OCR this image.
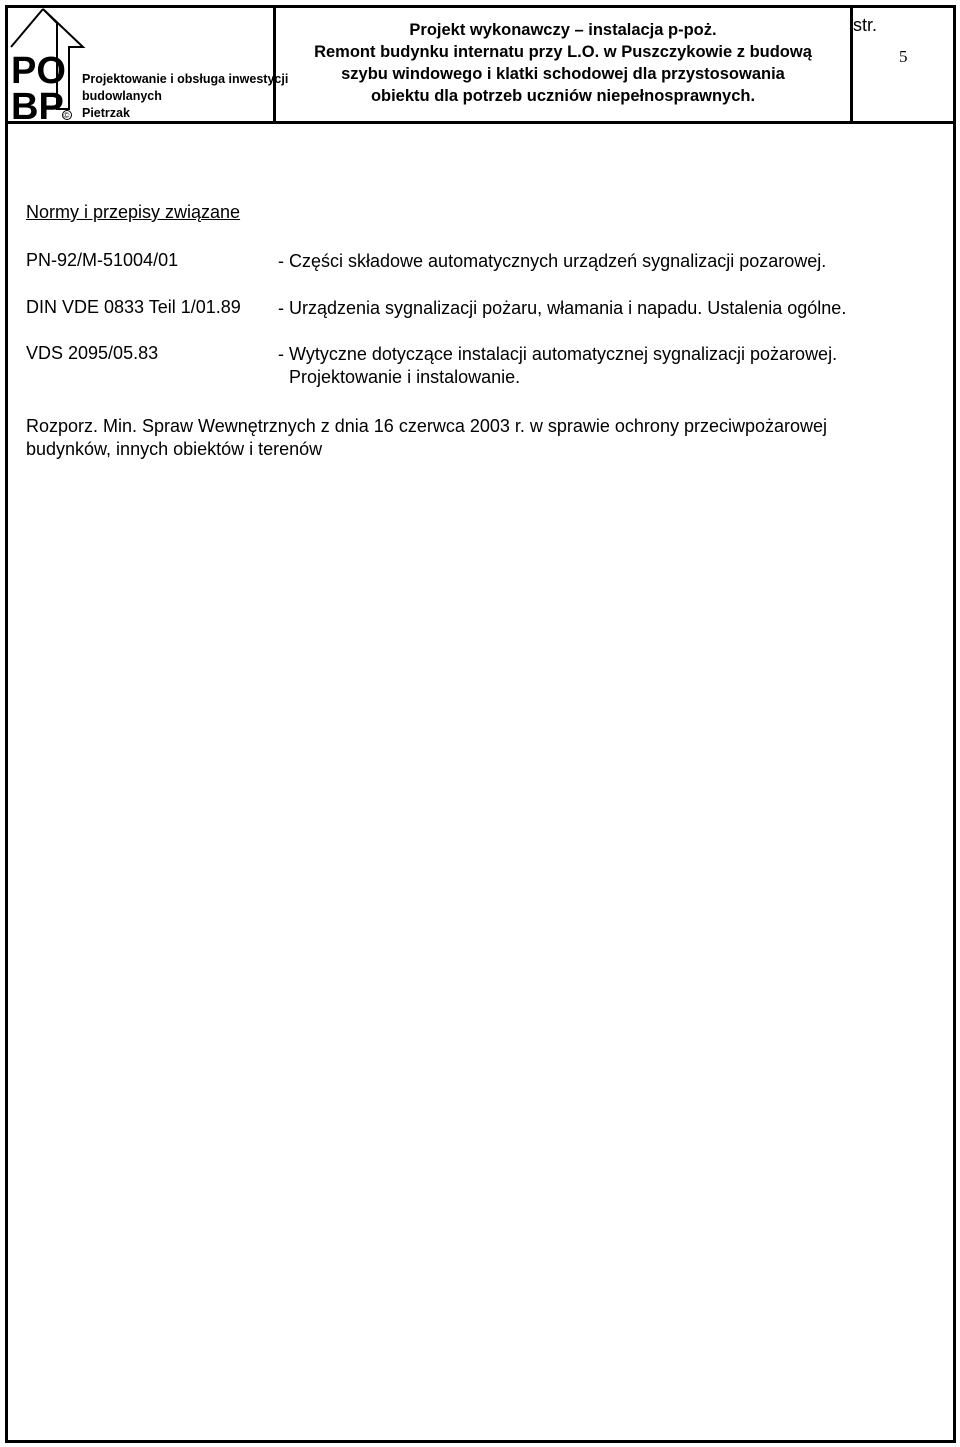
PO
BP ©
Projektowanie i obsługa inwestycji
budowlanych
Pietrzak
Projekt wykonawczy – instalacja p-poż.
Remont budynku internatu przy L.O. w Puszczykowie z budową
szybu windowego i klatki schodowej dla przystosowania
obiektu dla potrzeb uczniów niepełnosprawnych.
str.
5
Normy i przepisy związane
PN-92/M-51004/01	- Części składowe automatycznych urządzeń sygnalizacji pozarowej.
DIN VDE 0833 Teil 1/01.89 - Urządzenia sygnalizacji pożaru, włamania i napadu. Ustalenia ogólne.
VDS 2095/05.83	- Wytyczne dotyczące instalacji automatycznej sygnalizacji pożarowej.
Projektowanie i instalowanie.
Rozporz. Min. Spraw Wewnętrznych z dnia 16 czerwca 2003 r. w sprawie ochrony przeciwpożarowej
budynków, innych obiektów i terenów
